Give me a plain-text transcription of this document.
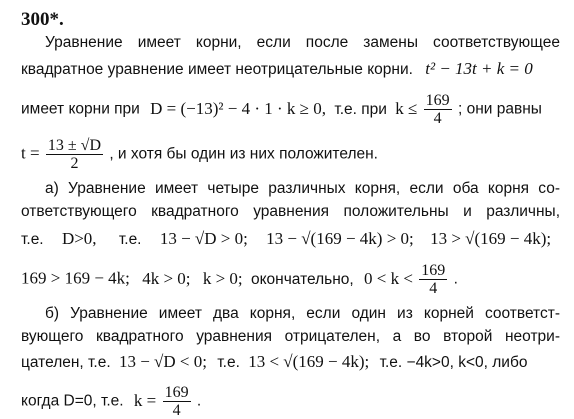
300*.
Уравнение имеет корни, если после замены соответствующее
квадратное уравнение имеет неотрицательные корни. t² − 13t + k = 0
имеет корни при D = (−13)² − 4 · 1 · k ≥ 0, т.е. при $k \le \frac{169}{4}$ ; они равны
$t = \frac{13 \pm √D}{2}$ , и хотя бы один из них положителен.
а) Уравнение имеет четыре различных корня, если оба корня со-
ответствующего квадратного уравнения положительны и различны,
т.е. D>0, т.е. 13 − √D > 0; 13 − √(169 − 4k) > 0; 13 > √(169 − 4k);
169 > 169 − 4k; 4k > 0; k > 0; окончательно, $0 < k < \frac{169}{4}$ .
б) Уравнение имеет два корня, если один из корней соответст-
вующего квадратного уравнения отрицателен, а во второй неотри-
цателен, т.е. 13 − √D < 0; т.е. 13 < √(169 − 4k); т.е. −4k>0, k<0, либо
когда D=0, т.е. $k = \frac{169}{4}$ .
